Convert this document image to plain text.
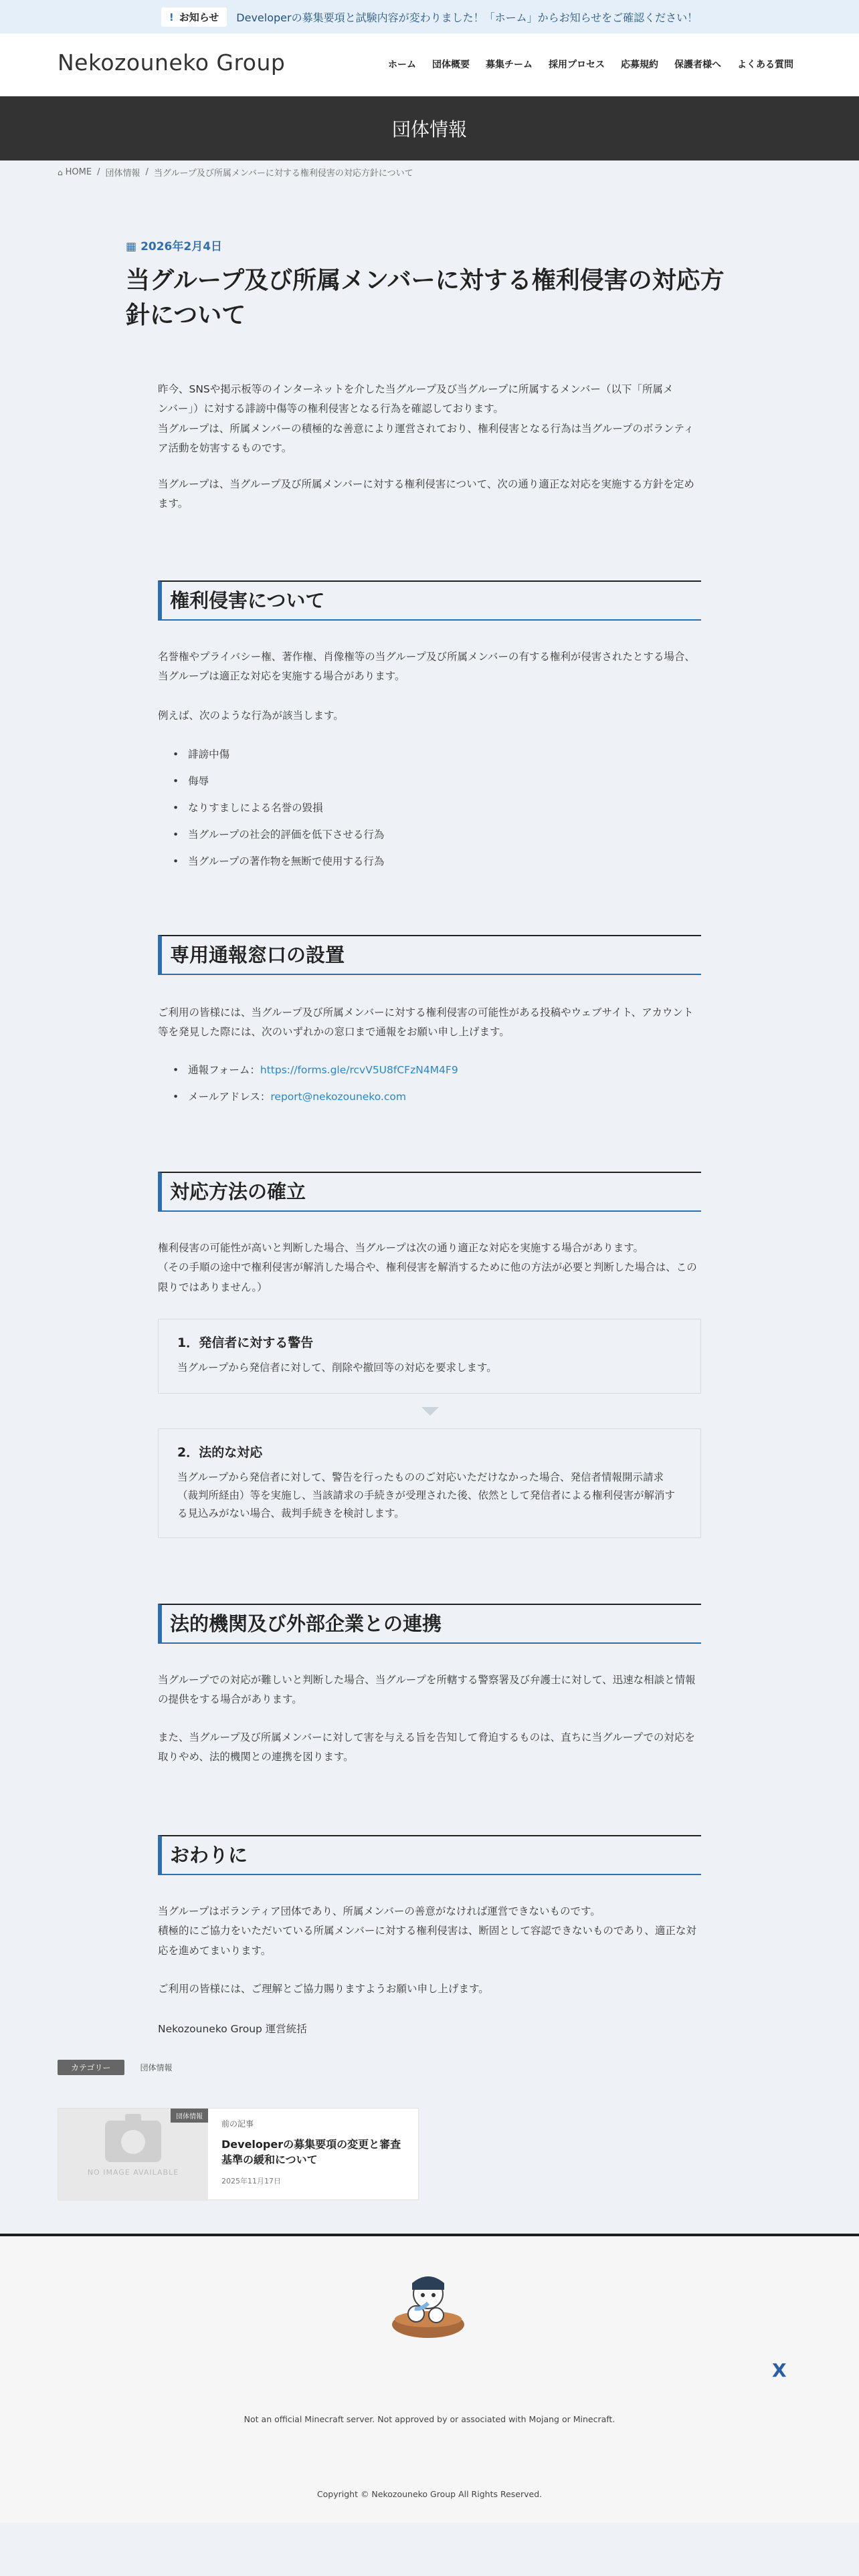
! お知らせ	Developerの募集要項と試験内容が変わりました！「ホーム」からお知らせをご確認ください！
Nekozouneko Group	ホーム 団体概要 募集チーム 採用プロセス 応募規約 保護者様へ よくある質問
団体情報
⌂ HOME / 団体情報 / 当グループ及び所属メンバーに対する権利侵害の対応方針について
▦ 2026年2月4日
当グループ及び所属メンバーに対する権利侵害の対応方針について

昨今、SNSや掲示板等のインターネットを介した当グループ及び当グループに所属するメンバー（以下「所属メ

ンバー」）に対する誹謗中傷等の権利侵害となる行為を確認しております。

当グループは、所属メンバーの積極的な善意により運営されており、権利侵害となる行為は当グループのボランティア活動を妨害するものです。

当グループは、当グループ及び所属メンバーに対する権利侵害について、次の通り適正な対応を実施する方針を定めます。

権利侵害について

名誉権やプライバシー権、著作権、肖像権等の当グループ及び所属メンバーの有する権利が侵害されたとする場合、当グループは適正な対応を実施する場合があります。

例えば、次のような行為が該当します。

• 誹謗中傷
• 侮辱
• なりすましによる名誉の毀損
• 当グループの社会的評価を低下させる行為
• 当グループの著作物を無断で使用する行為
専用通報窓口の設置

ご利用の皆様には、当グループ及び所属メンバーに対する権利侵害の可能性がある投稿やウェブサイト、アカウント等を発見した際には、次のいずれかの窓口まで通報をお願い申し上げます。

• 通報フォーム：https://forms.gle/rcvV5U8fCFzN4M4F9
• メールアドレス：report@nekozouneko.com
対応方法の確立

権利侵害の可能性が高いと判断した場合、当グループは次の通り適正な対応を実施する場合があります。

（その手順の途中で権利侵害が解消した場合や、権利侵害を解消するために他の方法が必要と判断した場合は、この限りではありません。）

1．発信者に対する警告
当グループから発信者に対して、削除や撤回等の対応を要求します。
2．法的な対応
当グループから発信者に対して、警告を行ったもののご対応いただけなかった場合、発信者情報開示請求（裁判所経由）等を実施し、当該請求の手続きが受理された後、依然として発信者による権利侵害が解消する見込みがない場合、裁判手続きを検討します。
法的機関及び外部企業との連携

当グループでの対応が難しいと判断した場合、当グループを所轄する警察署及び弁護士に対して、迅速な相談と情報の提供をする場合があります。

また、当グループ及び所属メンバーに対して害を与える旨を告知して脅迫するものは、直ちに当グループでの対応を取りやめ、法的機関との連携を図ります。

おわりに

当グループはボランティア団体であり、所属メンバーの善意がなければ運営できないものです。

積極的にご協力をいただいている所属メンバーに対する権利侵害は、断固として容認できないものであり、適正な対応を進めてまいります。

ご利用の皆様には、ご理解とご協力賜りますようお願い申し上げます。

Nekozouneko Group 運営統括

カテゴリー	団体情報
NO IMAGE AVAILABLE
団体情報
前の記事
Developerの募集要項の変更と審査基準の緩和について
2025年11月17日
X
Not an official Minecraft server. Not approved by or associated with Mojang or Minecraft.
Copyright © Nekozouneko Group All Rights Reserved.
